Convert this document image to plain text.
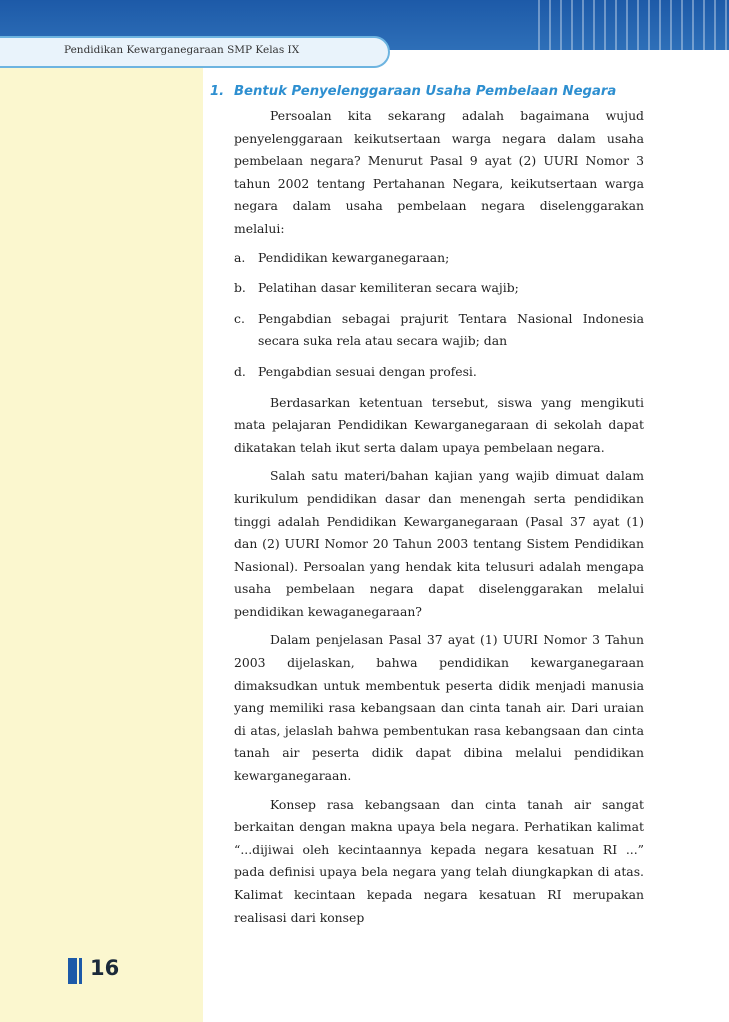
Pendidikan Kewarganegaraan SMP Kelas IX
1. Bentuk Penyelenggaraan Usaha Pembelaan Negara

Persoalan kita sekarang adalah bagaimana wujud penyelenggaraan keikutsertaan warga negara dalam usaha pembelaan negara? Menurut Pasal 9 ayat (2) UURI Nomor 3 tahun 2002 tentang Pertahanan Negara, keikutsertaan warga negara dalam usaha pembelaan negara diselenggarakan melalui:

a. Pendidikan kewarganegaraan;
b. Pelatihan dasar kemiliteran secara wajib;
c. Pengabdian sebagai prajurit Tentara Nasional Indonesia secara suka rela atau secara wajib; dan
d. Pengabdian sesuai dengan profesi.

Berdasarkan ketentuan tersebut, siswa yang mengikuti mata pelajaran Pendidikan Kewarganegaraan di sekolah dapat dikatakan telah ikut serta dalam upaya pembelaan negara.

Salah satu materi/bahan kajian yang wajib dimuat dalam kurikulum pendidikan dasar dan menengah serta pendidikan tinggi adalah Pendidikan Kewarganegaraan (Pasal 37 ayat (1) dan (2) UURI Nomor 20 Tahun 2003 tentang Sistem Pendidikan Nasional). Persoalan yang hendak kita telusuri adalah mengapa usaha pembelaan negara dapat diselenggarakan melalui pendidikan kewaganegaraan?

Dalam penjelasan Pasal 37 ayat (1) UURI Nomor 3 Tahun 2003 dijelaskan, bahwa pendidikan kewarganegaraan dimaksudkan untuk membentuk peserta didik menjadi manusia yang memiliki rasa kebangsaan dan cinta tanah air. Dari uraian di atas, jelaslah bahwa pembentukan rasa kebangsaan dan cinta tanah air peserta didik dapat dibina melalui pendidikan kewarganegaraan.

Konsep rasa kebangsaan dan cinta tanah air sangat berkaitan dengan makna upaya bela negara. Perhatikan kalimat “...dijiwai oleh kecintaannya kepada negara kesatuan RI ...” pada definisi upaya bela negara yang telah diungkapkan di atas. Kalimat kecintaan kepada negara kesatuan RI merupakan realisasi dari konsep

16
